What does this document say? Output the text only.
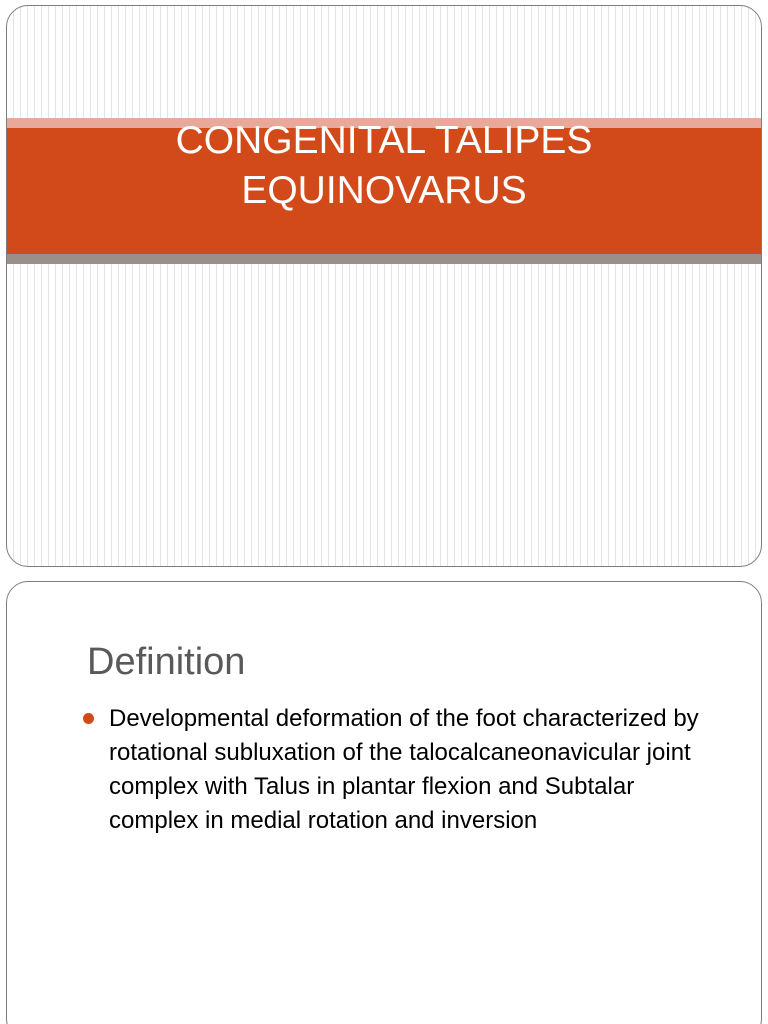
CONGENITAL TALIPES
EQUINOVARUS
Definition
Developmental deformation of the foot characterized by rotational subluxation of the talocalcaneonavicular joint complex with Talus in plantar flexion and Subtalar complex in medial rotation and inversion
